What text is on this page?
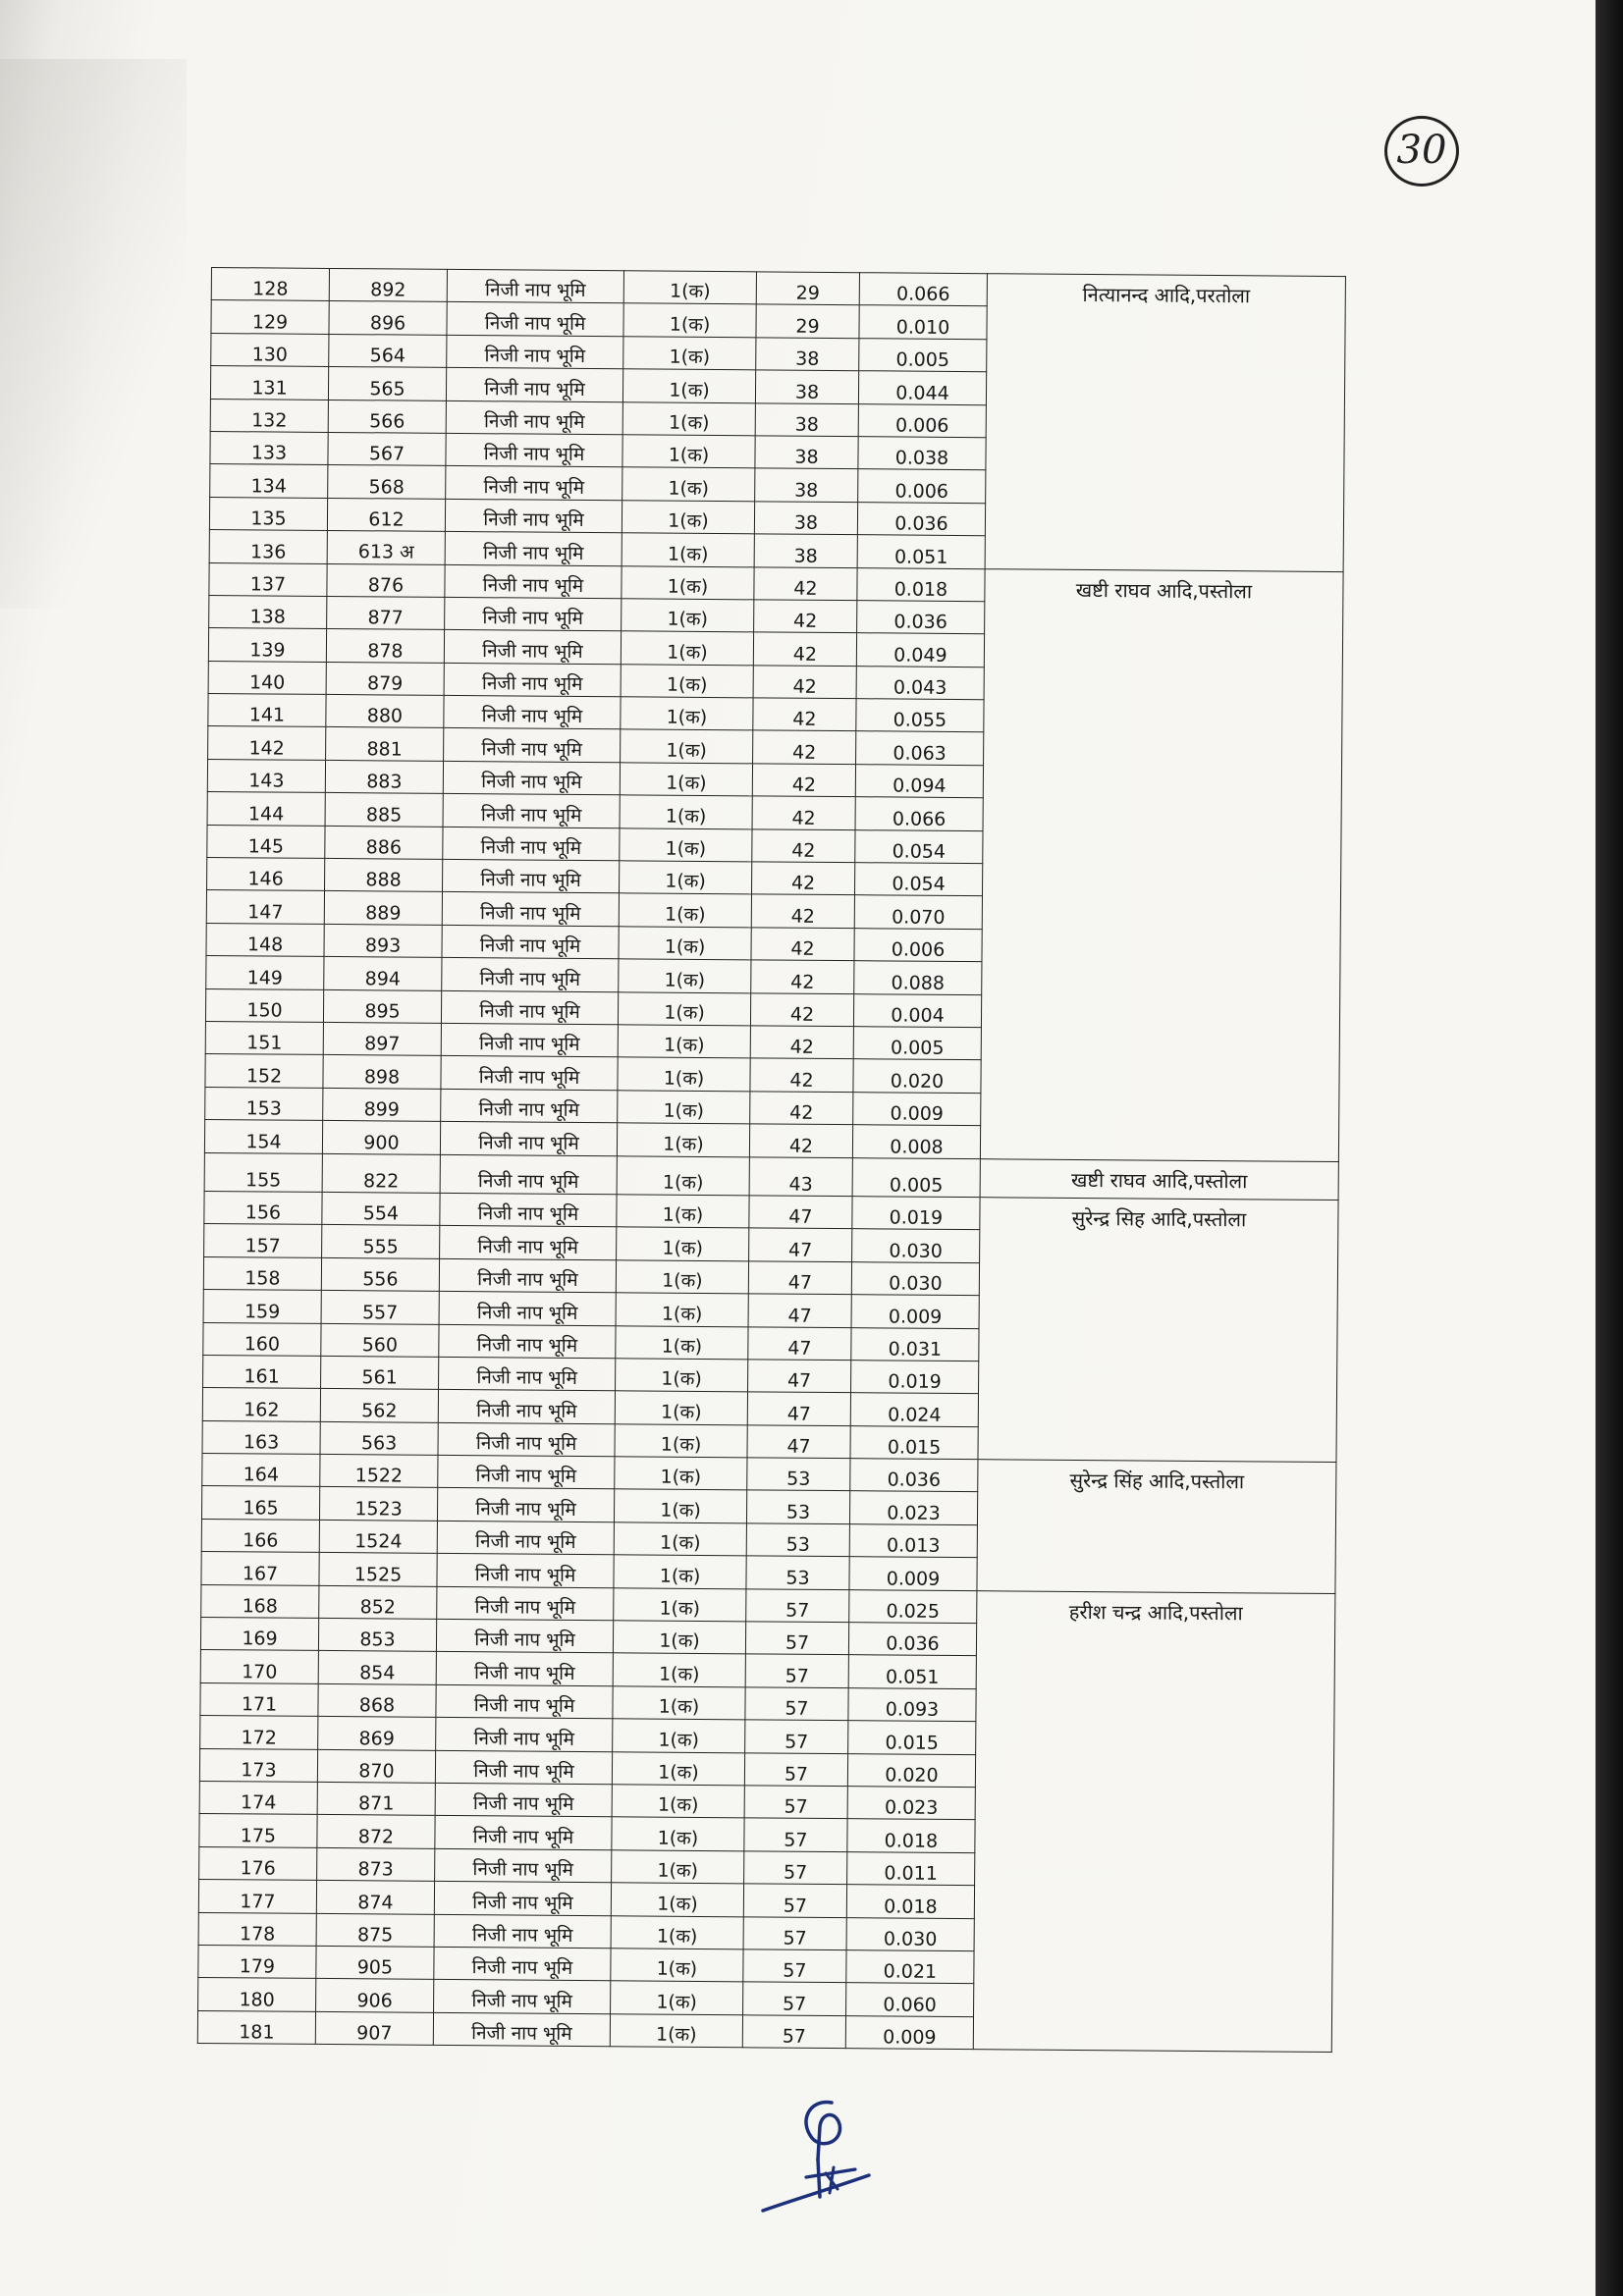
30
128	892	निजी नाप भूमि	1(क)	29	0.066	नित्यानन्द आदि,परतोला
129	896	निजी नाप भूमि	1(क)	29	0.010	
130	564	निजी नाप भूमि	1(क)	38	0.005	
131	565	निजी नाप भूमि	1(क)	38	0.044	
132	566	निजी नाप भूमि	1(क)	38	0.006	
133	567	निजी नाप भूमि	1(क)	38	0.038	
134	568	निजी नाप भूमि	1(क)	38	0.006	
135	612	निजी नाप भूमि	1(क)	38	0.036	
136	613 अ	निजी नाप भूमि	1(क)	38	0.051	
137	876	निजी नाप भूमि	1(क)	42	0.018	खष्टी राघव आदि,पस्तोला
138	877	निजी नाप भूमि	1(क)	42	0.036	
139	878	निजी नाप भूमि	1(क)	42	0.049	
140	879	निजी नाप भूमि	1(क)	42	0.043	
141	880	निजी नाप भूमि	1(क)	42	0.055	
142	881	निजी नाप भूमि	1(क)	42	0.063	
143	883	निजी नाप भूमि	1(क)	42	0.094	
144	885	निजी नाप भूमि	1(क)	42	0.066	
145	886	निजी नाप भूमि	1(क)	42	0.054	
146	888	निजी नाप भूमि	1(क)	42	0.054	
147	889	निजी नाप भूमि	1(क)	42	0.070	
148	893	निजी नाप भूमि	1(क)	42	0.006	
149	894	निजी नाप भूमि	1(क)	42	0.088	
150	895	निजी नाप भूमि	1(क)	42	0.004	
151	897	निजी नाप भूमि	1(क)	42	0.005	
152	898	निजी नाप भूमि	1(क)	42	0.020	
153	899	निजी नाप भूमि	1(क)	42	0.009	
154	900	निजी नाप भूमि	1(क)	42	0.008	
155	822	निजी नाप भूमि	1(क)	43	0.005	खष्टी राघव आदि,पस्तोला
156	554	निजी नाप भूमि	1(क)	47	0.019	सुरेन्द्र सिह आदि,पस्तोला
157	555	निजी नाप भूमि	1(क)	47	0.030	
158	556	निजी नाप भूमि	1(क)	47	0.030	
159	557	निजी नाप भूमि	1(क)	47	0.009	
160	560	निजी नाप भूमि	1(क)	47	0.031	
161	561	निजी नाप भूमि	1(क)	47	0.019	
162	562	निजी नाप भूमि	1(क)	47	0.024	
163	563	निजी नाप भूमि	1(क)	47	0.015	
164	1522	निजी नाप भूमि	1(क)	53	0.036	सुरेन्द्र सिंह आदि,पस्तोला
165	1523	निजी नाप भूमि	1(क)	53	0.023	
166	1524	निजी नाप भूमि	1(क)	53	0.013	
167	1525	निजी नाप भूमि	1(क)	53	0.009	
168	852	निजी नाप भूमि	1(क)	57	0.025	हरीश चन्द्र आदि,पस्तोला
169	853	निजी नाप भूमि	1(क)	57	0.036	
170	854	निजी नाप भूमि	1(क)	57	0.051	
171	868	निजी नाप भूमि	1(क)	57	0.093	
172	869	निजी नाप भूमि	1(क)	57	0.015	
173	870	निजी नाप भूमि	1(क)	57	0.020	
174	871	निजी नाप भूमि	1(क)	57	0.023	
175	872	निजी नाप भूमि	1(क)	57	0.018	
176	873	निजी नाप भूमि	1(क)	57	0.011	
177	874	निजी नाप भूमि	1(क)	57	0.018	
178	875	निजी नाप भूमि	1(क)	57	0.030	
179	905	निजी नाप भूमि	1(क)	57	0.021	
180	906	निजी नाप भूमि	1(क)	57	0.060	
181	907	निजी नाप भूमि	1(क)	57	0.009	
